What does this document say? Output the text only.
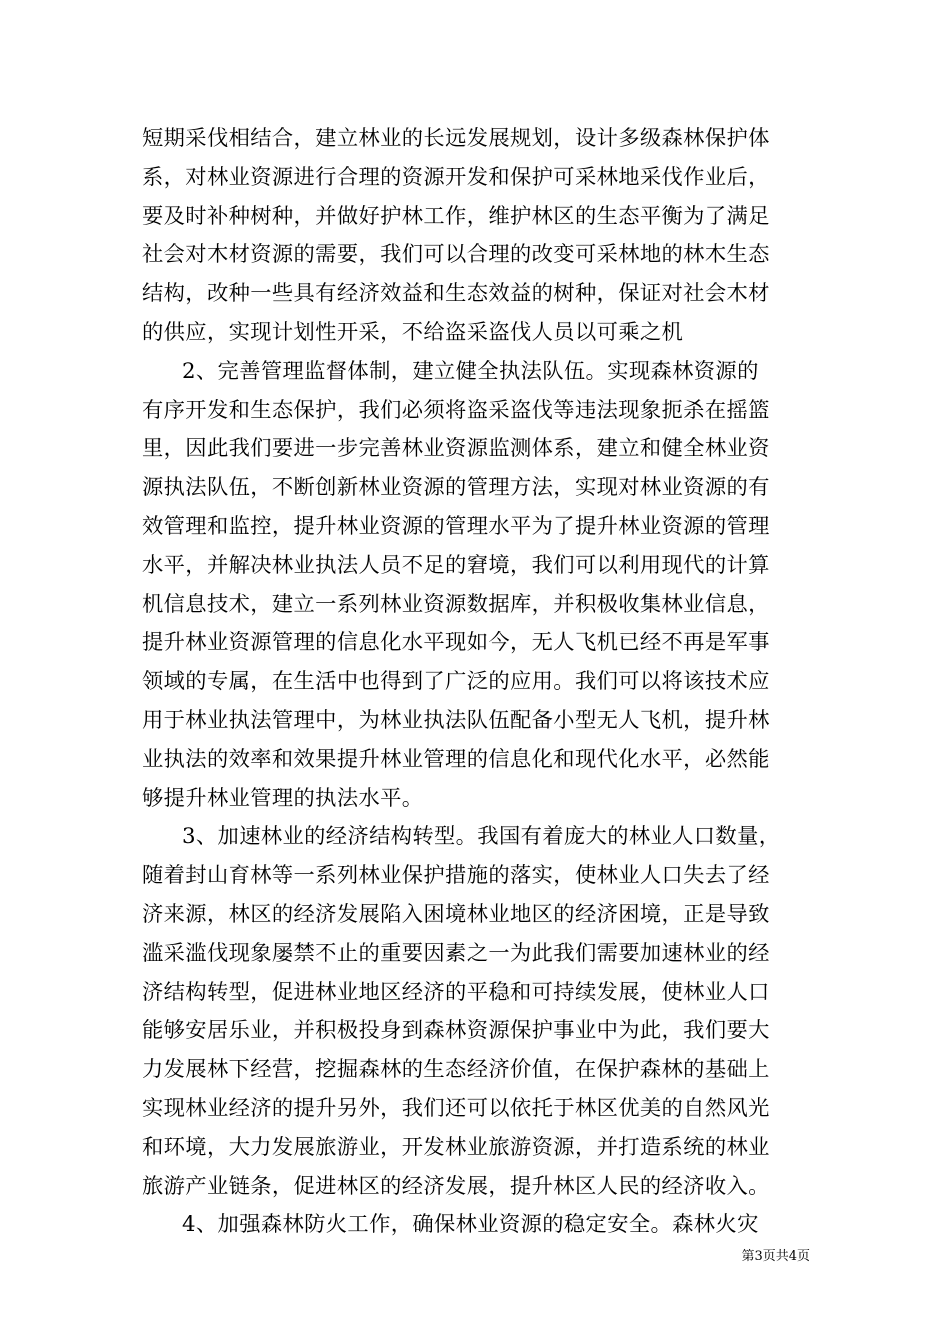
短期采伐相结合，建立林业的长远发展规划，设计多级森林保护体
系，对林业资源进行合理的资源开发和保护可采林地采伐作业后，
要及时补种树种，并做好护林工作，维护林区的生态平衡为了满足
社会对木材资源的需要，我们可以合理的改变可采林地的林木生态
结构，改种一些具有经济效益和生态效益的树种，保证对社会木材
的供应，实现计划性开采，不给盗采盗伐人员以可乘之机
2、完善管理监督体制，建立健全执法队伍。实现森林资源的
有序开发和生态保护，我们必须将盗采盗伐等违法现象扼杀在摇篮
里，因此我们要进一步完善林业资源监测体系，建立和健全林业资
源执法队伍，不断创新林业资源的管理方法，实现对林业资源的有
效管理和监控，提升林业资源的管理水平为了提升林业资源的管理
水平，并解决林业执法人员不足的窘境，我们可以利用现代的计算
机信息技术，建立一系列林业资源数据库，并积极收集林业信息，
提升林业资源管理的信息化水平现如今，无人飞机已经不再是军事
领域的专属，在生活中也得到了广泛的应用。我们可以将该技术应
用于林业执法管理中，为林业执法队伍配备小型无人飞机，提升林
业执法的效率和效果提升林业管理的信息化和现代化水平，必然能
够提升林业管理的执法水平。
3、加速林业的经济结构转型。我国有着庞大的林业人口数量，
随着封山育林等一系列林业保护措施的落实，使林业人口失去了经
济来源，林区的经济发展陷入困境林业地区的经济困境，正是导致
滥采滥伐现象屡禁不止的重要因素之一为此我们需要加速林业的经
济结构转型，促进林业地区经济的平稳和可持续发展，使林业人口
能够安居乐业，并积极投身到森林资源保护事业中为此，我们要大
力发展林下经营，挖掘森林的生态经济价值，在保护森林的基础上
实现林业经济的提升另外，我们还可以依托于林区优美的自然风光
和环境，大力发展旅游业，开发林业旅游资源，并打造系统的林业
旅游产业链条，促进林区的经济发展，提升林区人民的经济收入。
4、加强森林防火工作，确保林业资源的稳定安全。森林火灾
第3页共4页
